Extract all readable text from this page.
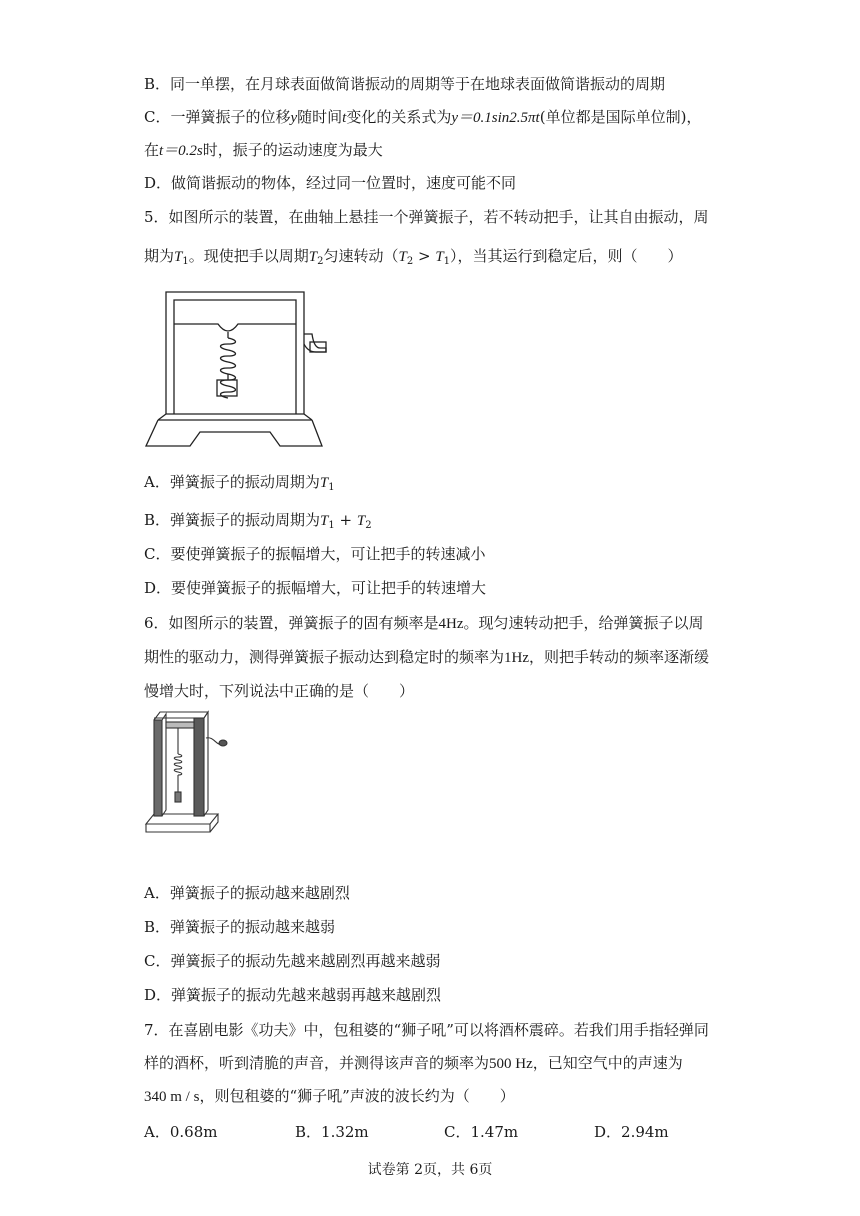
B．同一单摆，在月球表面做简谐振动的周期等于在地球表面做简谐振动的周期
C．一弹簧振子的位移y随时间t变化的关系式为y＝0.1sin2.5πt(单位都是国际单位制)，
在t＝0.2s时，振子的运动速度为最大
D．做简谐振动的物体，经过同一位置时，速度可能不同
5．如图所示的装置，在曲轴上悬挂一个弹簧振子，若不转动把手，让其自由振动，周
期为$T_1$。现使把手以周期$T_2$匀速转动$(T_2 > T_1)$，当其运行到稳定后，则（　　）
A．弹簧振子的振动周期为$T_1$
B．弹簧振子的振动周期为$T_1 + T_2$
C．要使弹簧振子的振幅增大，可让把手的转速减小
D．要使弹簧振子的振幅增大，可让把手的转速增大
6．如图所示的装置，弹簧振子的固有频率是4Hz。现匀速转动把手，给弹簧振子以周
期性的驱动力，测得弹簧振子振动达到稳定时的频率为1Hz，则把手转动的频率逐渐缓
慢增大时，下列说法中正确的是（　　）
A．弹簧振子的振动越来越剧烈
B．弹簧振子的振动越来越弱
C．弹簧振子的振动先越来越剧烈再越来越弱
D．弹簧振子的振动先越来越弱再越来越剧烈
7．在喜剧电影《功夫》中，包租婆的“狮子吼”可以将酒杯震碎。若我们用手指轻弹同
样的酒杯，听到清脆的声音，并测得该声音的频率为500 Hz，已知空气中的声速为
340 m / s，则包租婆的“狮子吼”声波的波长约为（　　）
A．0.68m	B．1.32m	C．1.47m	D．2.94m
试卷第 2页，共 6页
